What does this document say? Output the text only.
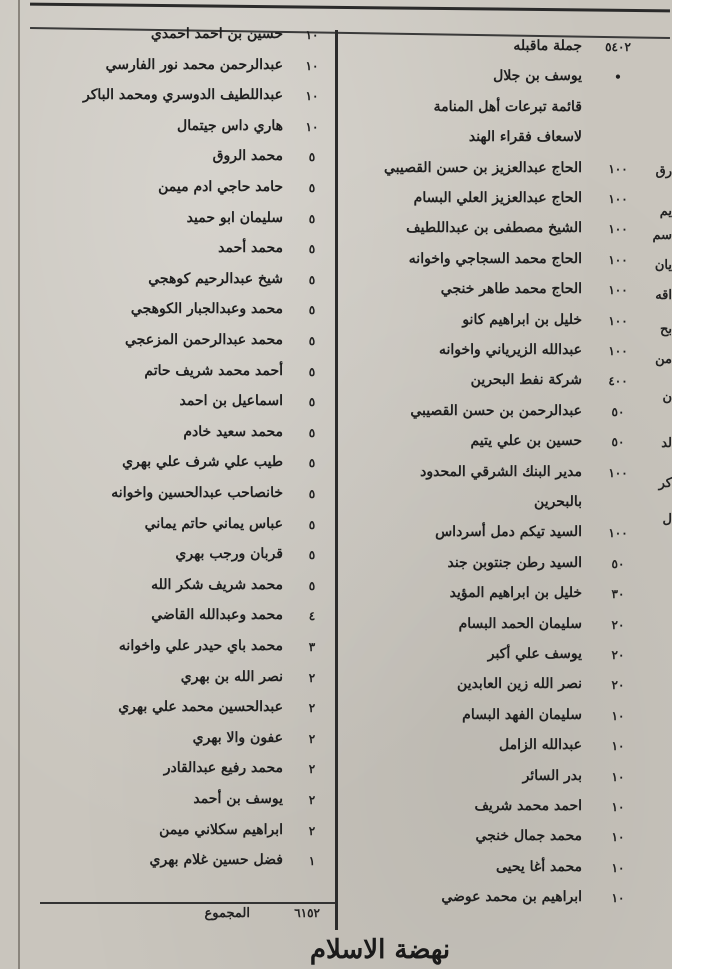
جملة ماقبله	٥٤٠٢
يوسف بن جلال	•
قائمة تبرعات أهل المنامة
لاسعاف فقراء الهند
الحاج عبدالعزيز بن حسن القصيبي	١٠٠
الحاج عبدالعزيز العلي البسام	١٠٠
الشيخ مصطفى بن عبداللطيف	١٠٠
الحاج محمد السجاجي واخوانه	١٠٠
الحاج محمد طاهر خنجي	١٠٠
خليل بن ابراهيم كانو	١٠٠
عبدالله الزيرياني واخوانه	١٠٠
شركة نفط البحرين	٤٠٠
عبدالرحمن بن حسن القصيبي	٥٠
حسين بن علي يتيم	٥٠
مدير البنك الشرقي المحدود	١٠٠
بالبحرين
السيد تيكم دمل أسرداس	١٠٠
السيد رطن جنتوبن جند	٥٠
خليل بن ابراهيم المؤيد	٣٠
سليمان الحمد البسام	٢٠
يوسف علي أكبر	٢٠
نصر الله زين العابدين	٢٠
سليمان الفهد البسام	١٠
عبدالله الزامل	١٠
بدر السائر	١٠
احمد محمد شريف	١٠
محمد جمال خنجي	١٠
محمد أغا يحيى	١٠
ابراهيم بن محمد عوضي	١٠
حسين بن احمد احمدي	١٠
عبدالرحمن محمد نور الفارسي	١٠
عبداللطيف الدوسري ومحمد الباكر	١٠
هاري داس جيتمال	١٠
محمد الروق	٥
حامد حاجي ادم ميمن	٥
سليمان ابو حميد	٥
محمد أحمد	٥
شيخ عبدالرحيم كوهجي	٥
محمد وعبدالجبار الكوهجي	٥
محمد عبدالرحمن المزعجي	٥
أحمد محمد شريف حاتم	٥
اسماعيل بن احمد	٥
محمد سعيد خادم	٥
طيب علي شرف علي بهري	٥
خانصاحب عبدالحسين واخوانه	٥
عباس يماني حاتم يماني	٥
قربان ورجب بهري	٥
محمد شريف شكر الله	٥
محمد وعبدالله القاضي	٤
محمد باي حيدر علي واخوانه	٣
نصر الله بن بهري	٢
عبدالحسين محمد علي بهري	٢
عفون والا بهري	٢
محمد رفيع عبدالقادر	٢
يوسف بن أحمد	٢
ابراهيم سكلاني ميمن	٢
فضل حسين غلام بهري	١
رق
يم
سم
يان
اقه
بح
من
ن
لد
كر
ل
المجموع	٦١٥٢
نهضة الاسلام
